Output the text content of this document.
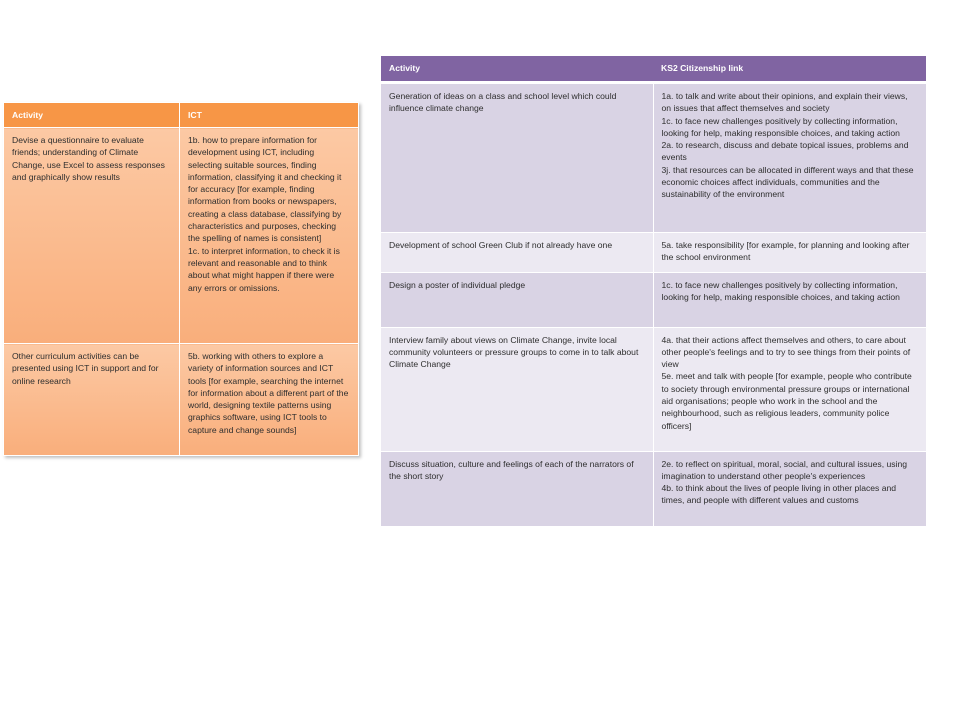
Activity	ICT
Devise a questionnaire to evaluate friends; understanding of Climate Change, use Excel to assess responses and graphically show results	1b. how to prepare information for development using ICT, including selecting suitable sources, finding information, classifying it and checking it for accuracy [for example, finding information from books or newspapers, creating a class database, classifying by characteristics and purposes, checking the spelling of names is consistent]
1c. to interpret information, to check it is relevant and reasonable and to think about what might happen if there were any errors or omissions.

Other curriculum activities can be presented using ICT in support and for online research	5b. working with others to explore a variety of information sources and ICT tools [for example, searching the internet for information about a different part of the world, designing textile patterns using graphics software, using ICT tools to capture and change sounds]
Activity	KS2 Citizenship link
Generation of ideas on a class and school level which could influence climate change	1a. to talk and write about their opinions, and explain their views, on issues that affect themselves and society
1c. to face new challenges positively by collecting information, looking for help, making responsible choices, and taking action
2a. to research, discuss and debate topical issues, problems and events
3j. that resources can be allocated in different ways and that these economic choices affect individuals, communities and the sustainability of the environment

Development of school Green Club if not already have one	5a. take responsibility [for example, for planning and looking after the school environment

Design a poster of individual pledge	1c. to face new challenges positively by collecting information, looking for help, making responsible choices, and taking action

Interview family about views on Climate Change, invite local community volunteers or pressure groups to come in to talk about Climate Change	4a. that their actions affect themselves and others, to care about other people's feelings and to try to see things from their points of view
5e. meet and talk with people [for example, people who contribute to society through environmental pressure groups or international aid organisations; people who work in the school and the neighbourhood, such as religious leaders, community police officers]

Discuss situation, culture and feelings of each of the narrators of the short story	2e. to reflect on spiritual, moral, social, and cultural issues, using imagination to understand other people's experiences
4b. to think about the lives of people living in other places and times, and people with different values and customs
